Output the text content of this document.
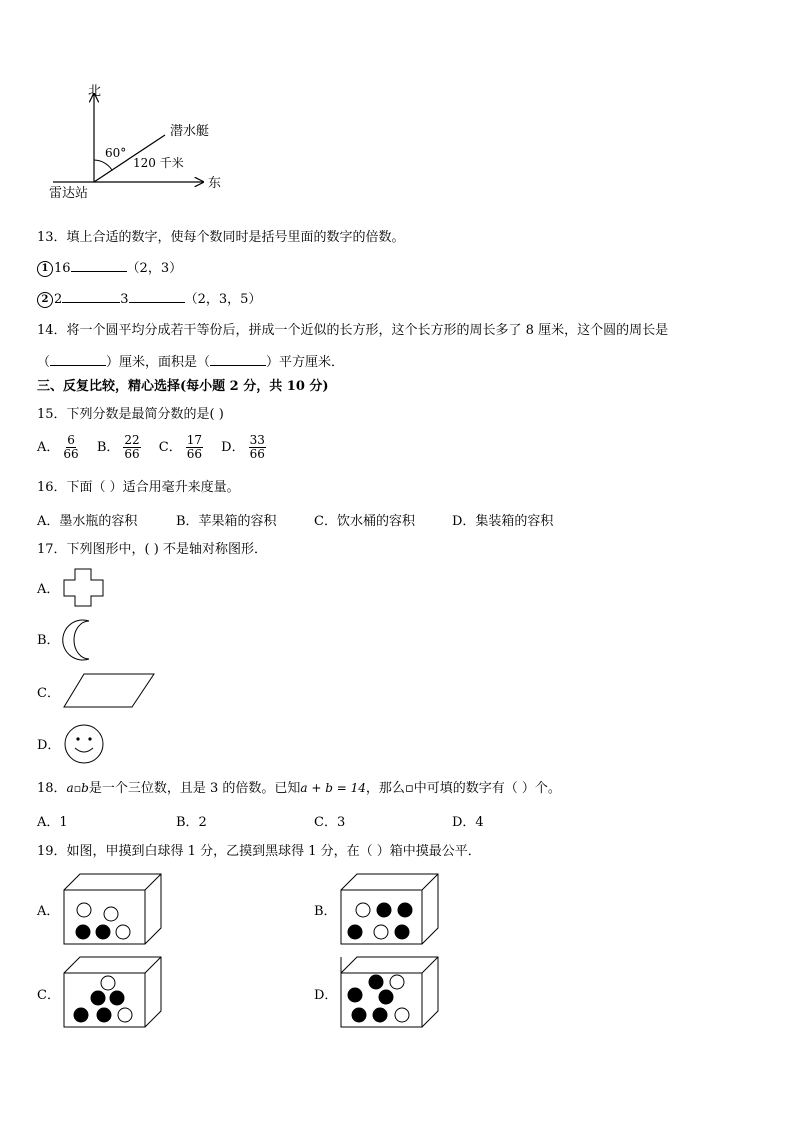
北
东
潜水艇
60°
120 千米
雷达站
13．填上合适的数字，使每个数同时是括号里面的数字的倍数。
1 16	（2，3）
2 2	3	（2，3，5）
14．将一个圆平均分成若干等份后，拼成一个近似的长方形，这个长方形的周长多了 8 厘米，这个圆的周长是
（	）厘米，面积是（	）平方厘米．
三、反复比较，精心选择(每小题 2 分，共 10 分)
15．下列分数是最简分数的是( )
A． $\frac{6}{66}$ B． $\frac{22}{66}$ C． $\frac{17}{66}$ D． $\frac{33}{66}$
16．下面（ ）适合用毫升来度量。
A．墨水瓶的容积	B．苹果箱的容积	C．饮水桶的容积	D．集装箱的容积
17．下列图形中，( ) 不是轴对称图形．
A．
B．
C．
D．
18．a▫b是一个三位数，且是 3 的倍数。已知a + b = 14，那么▫中可填的数字有（ ）个。
A．1	B．2	C．3	D．4
19．如图，甲摸到白球得 1 分，乙摸到黑球得 1 分，在（ ）箱中摸最公平．
A．	B．
C．	D．
